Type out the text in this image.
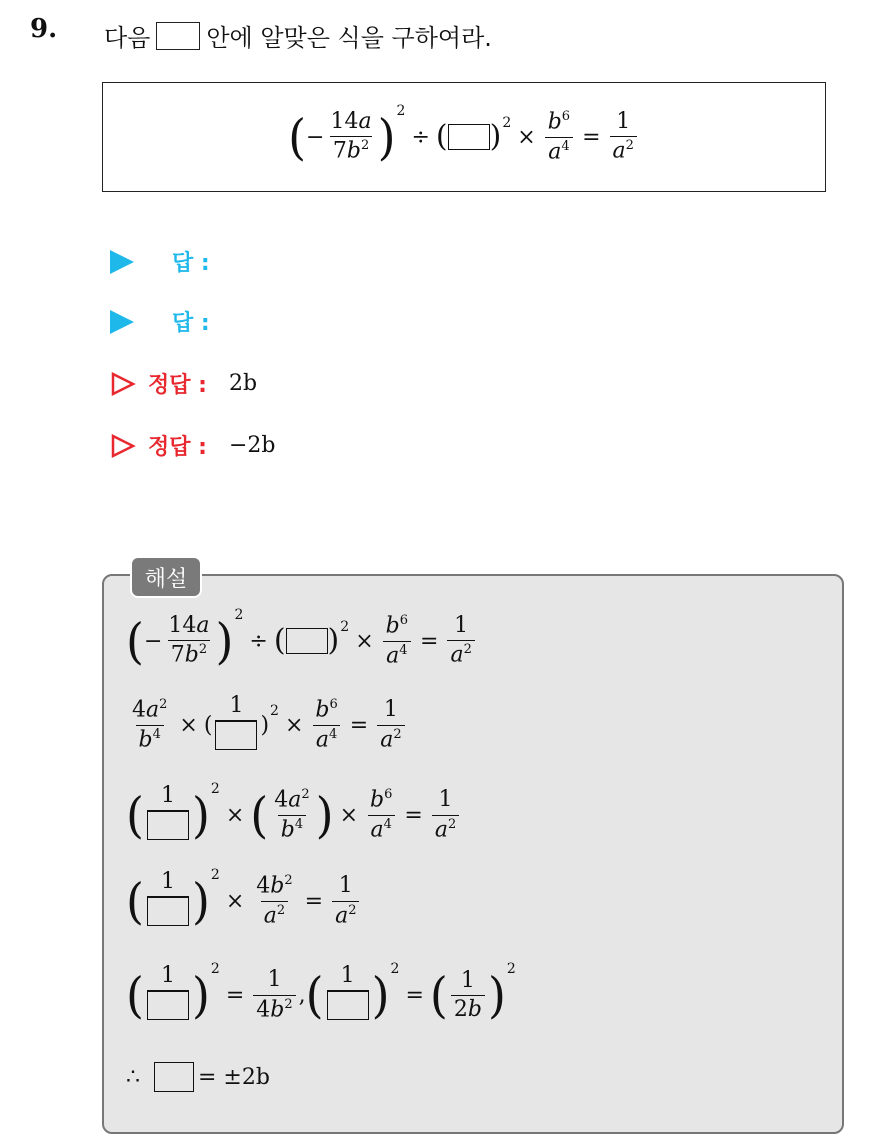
9. 다음 안에 알맞은 식을 구하여라.
( − $\frac{14a}{7b^2}$ ) 2
÷ ( ) 2
× $\frac{b^6}{a^4} = \frac{1}{a^2}$
답 :
답 :
정답 : 2b
정답 : −2b
해설
( − $\frac{14a}{7b^2}$ ) 2
÷ ( ) 2
× $\frac{b^6}{a^4} = \frac{1}{a^2}$
$\frac{4a^2}{b^4}$ × (
1
)
2
× $\frac{b^6}{a^4} = \frac{1}{a^2}$
( 1 ) 2
× ( $\frac{4a^2}{b^4}$ ) × $\frac{b^6}{a^4} = \frac{1}{a^2}$
( 1 ) 2
× $\frac{4b^2}{a^2} = \frac{1}{a^2}$
( 1 ) 2
= $\frac{1}{4b^2}$ , ( 1 ) 2
= ( $\frac{1}{2b}$ ) 2
∴	= ±2b
